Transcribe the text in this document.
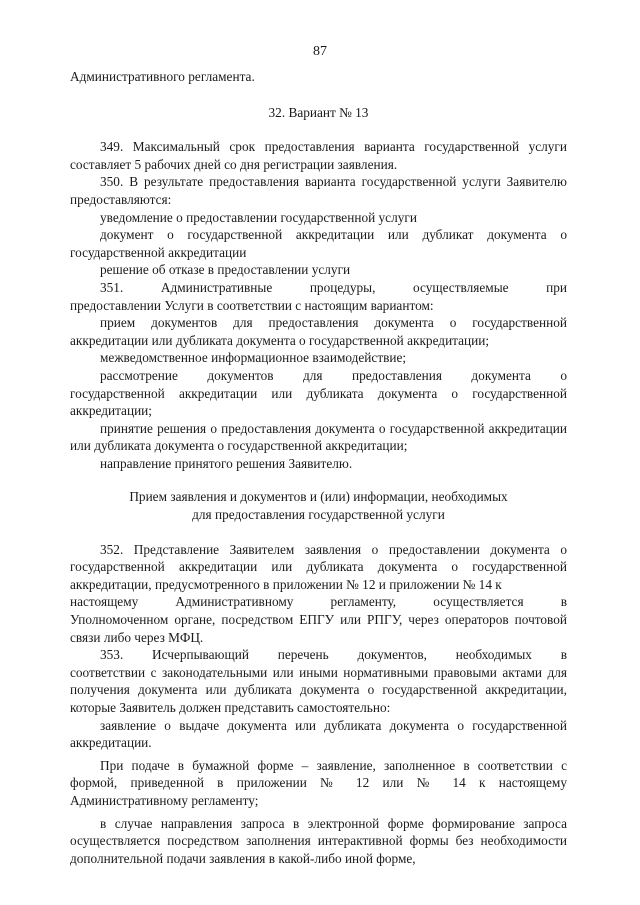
87

Административного регламента.

32. Вариант № 13

349. Максимальный срок предоставления варианта государственной услуги составляет 5 рабочих дней со дня регистрации заявления.

350. В результате предоставления варианта государственной услуги Заявителю предоставляются:

уведомление о предоставлении государственной услуги

документ о государственной аккредитации или дубликат документа о государственной аккредитации

решение об отказе в предоставлении услуги

351. Административные процедуры, осуществляемые при

предоставлении Услуги в соответствии с настоящим вариантом:

прием документов для предоставления документа о государственной аккредитации или дубликата документа о государственной аккредитации;

межведомственное информационное взаимодействие;

рассмотрение документов для предоставления документа о

государственной аккредитации или дубликата документа о государственной аккредитации;

принятие решения о предоставления документа о государственной аккредитации или дубликата документа о государственной аккредитации;

направление принятого решения Заявителю.

Прием заявления и документов и (или) информации, необходимых

для предоставления государственной услуги

352. Представление Заявителем заявления о предоставлении документа о государственной аккредитации или дубликата документа о государственной аккредитации, предусмотренного в приложении № 12 и приложении № 14 к

настоящему Административному регламенту, осуществляется в

Уполномоченном органе, посредством ЕПГУ или РПГУ, через операторов почтовой связи либо через МФЦ.

353. Исчерпывающий перечень документов, необходимых в

соответствии с законодательными или иными нормативными правовыми актами для получения документа или дубликата документа о государственной аккредитации, которые Заявитель должен представить самостоятельно:

заявление о выдаче документа или дубликата документа о государственной аккредитации.

При подаче в бумажной форме – заявление, заполненное в соответствии с формой, приведенной в приложении № 12 или № 14 к настоящему Административному регламенту;

в случае направления запроса в электронной форме формирование запроса осуществляется посредством заполнения интерактивной формы без необходимости дополнительной подачи заявления в какой-либо иной форме,
